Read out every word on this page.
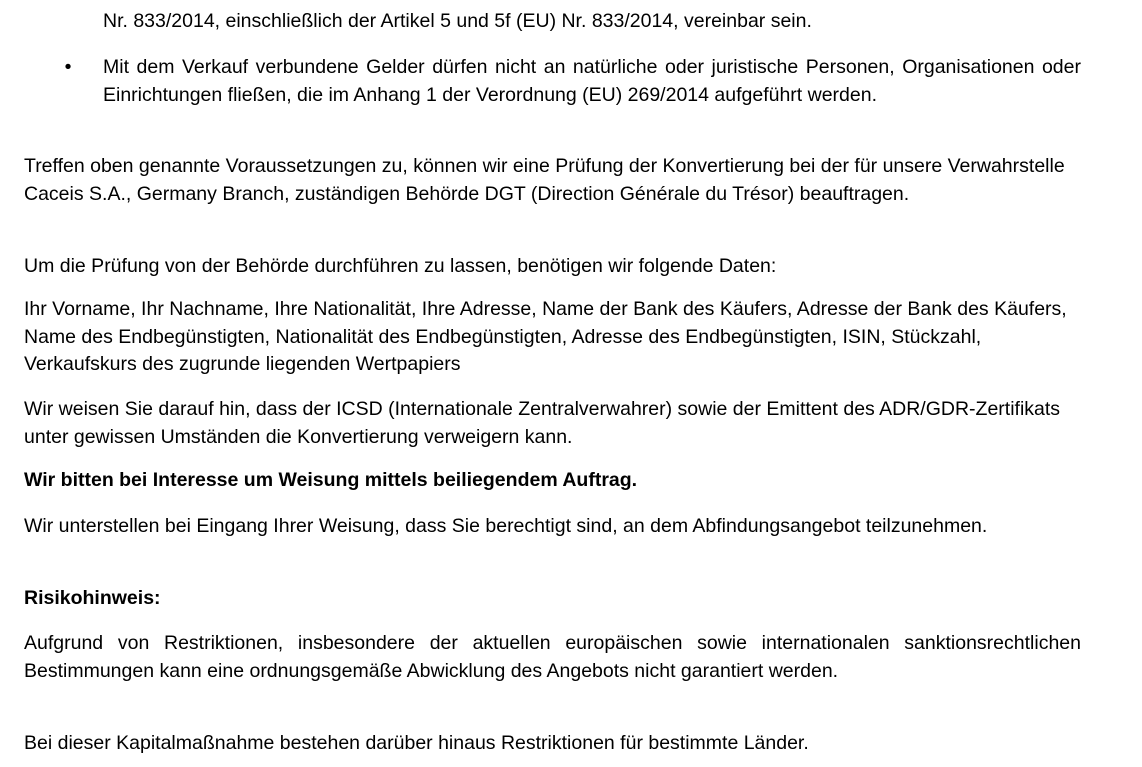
Nr. 833/2014, einschließlich der Artikel 5 und 5f (EU) Nr. 833/2014, vereinbar sein.

• Mit dem Verkauf verbundene Gelder dürfen nicht an natürliche oder juristische Personen, Organisationen oder Einrichtungen fließen, die im Anhang 1 der Verordnung (EU) 269/2014 aufgeführt werden.

Treffen oben genannte Voraussetzungen zu, können wir eine Prüfung der Konvertierung bei der für unsere Verwahrstelle Caceis S.A., Germany Branch, zuständigen Behörde DGT (Direction Générale du Trésor) beauftragen.

Um die Prüfung von der Behörde durchführen zu lassen, benötigen wir folgende Daten:

Ihr Vorname, Ihr Nachname, Ihre Nationalität, Ihre Adresse, Name der Bank des Käufers, Adresse der Bank des Käufers, Name des Endbegünstigten, Nationalität des Endbegünstigten, Adresse des Endbegünstigten, ISIN, Stückzahl, Verkaufskurs des zugrunde liegenden Wertpapiers

Wir weisen Sie darauf hin, dass der ICSD (Internationale Zentralverwahrer) sowie der Emittent des ADR/GDR-Zertifikats unter gewissen Umständen die Konvertierung verweigern kann.

Wir bitten bei Interesse um Weisung mittels beiliegendem Auftrag.

Wir unterstellen bei Eingang Ihrer Weisung, dass Sie berechtigt sind, an dem Abfindungsangebot teilzunehmen.

Risikohinweis:

Aufgrund von Restriktionen, insbesondere der aktuellen europäischen sowie internationalen sanktionsrechtlichen Bestimmungen kann eine ordnungsgemäße Abwicklung des Angebots nicht garantiert werden.

Bei dieser Kapitalmaßnahme bestehen darüber hinaus Restriktionen für bestimmte Länder.
